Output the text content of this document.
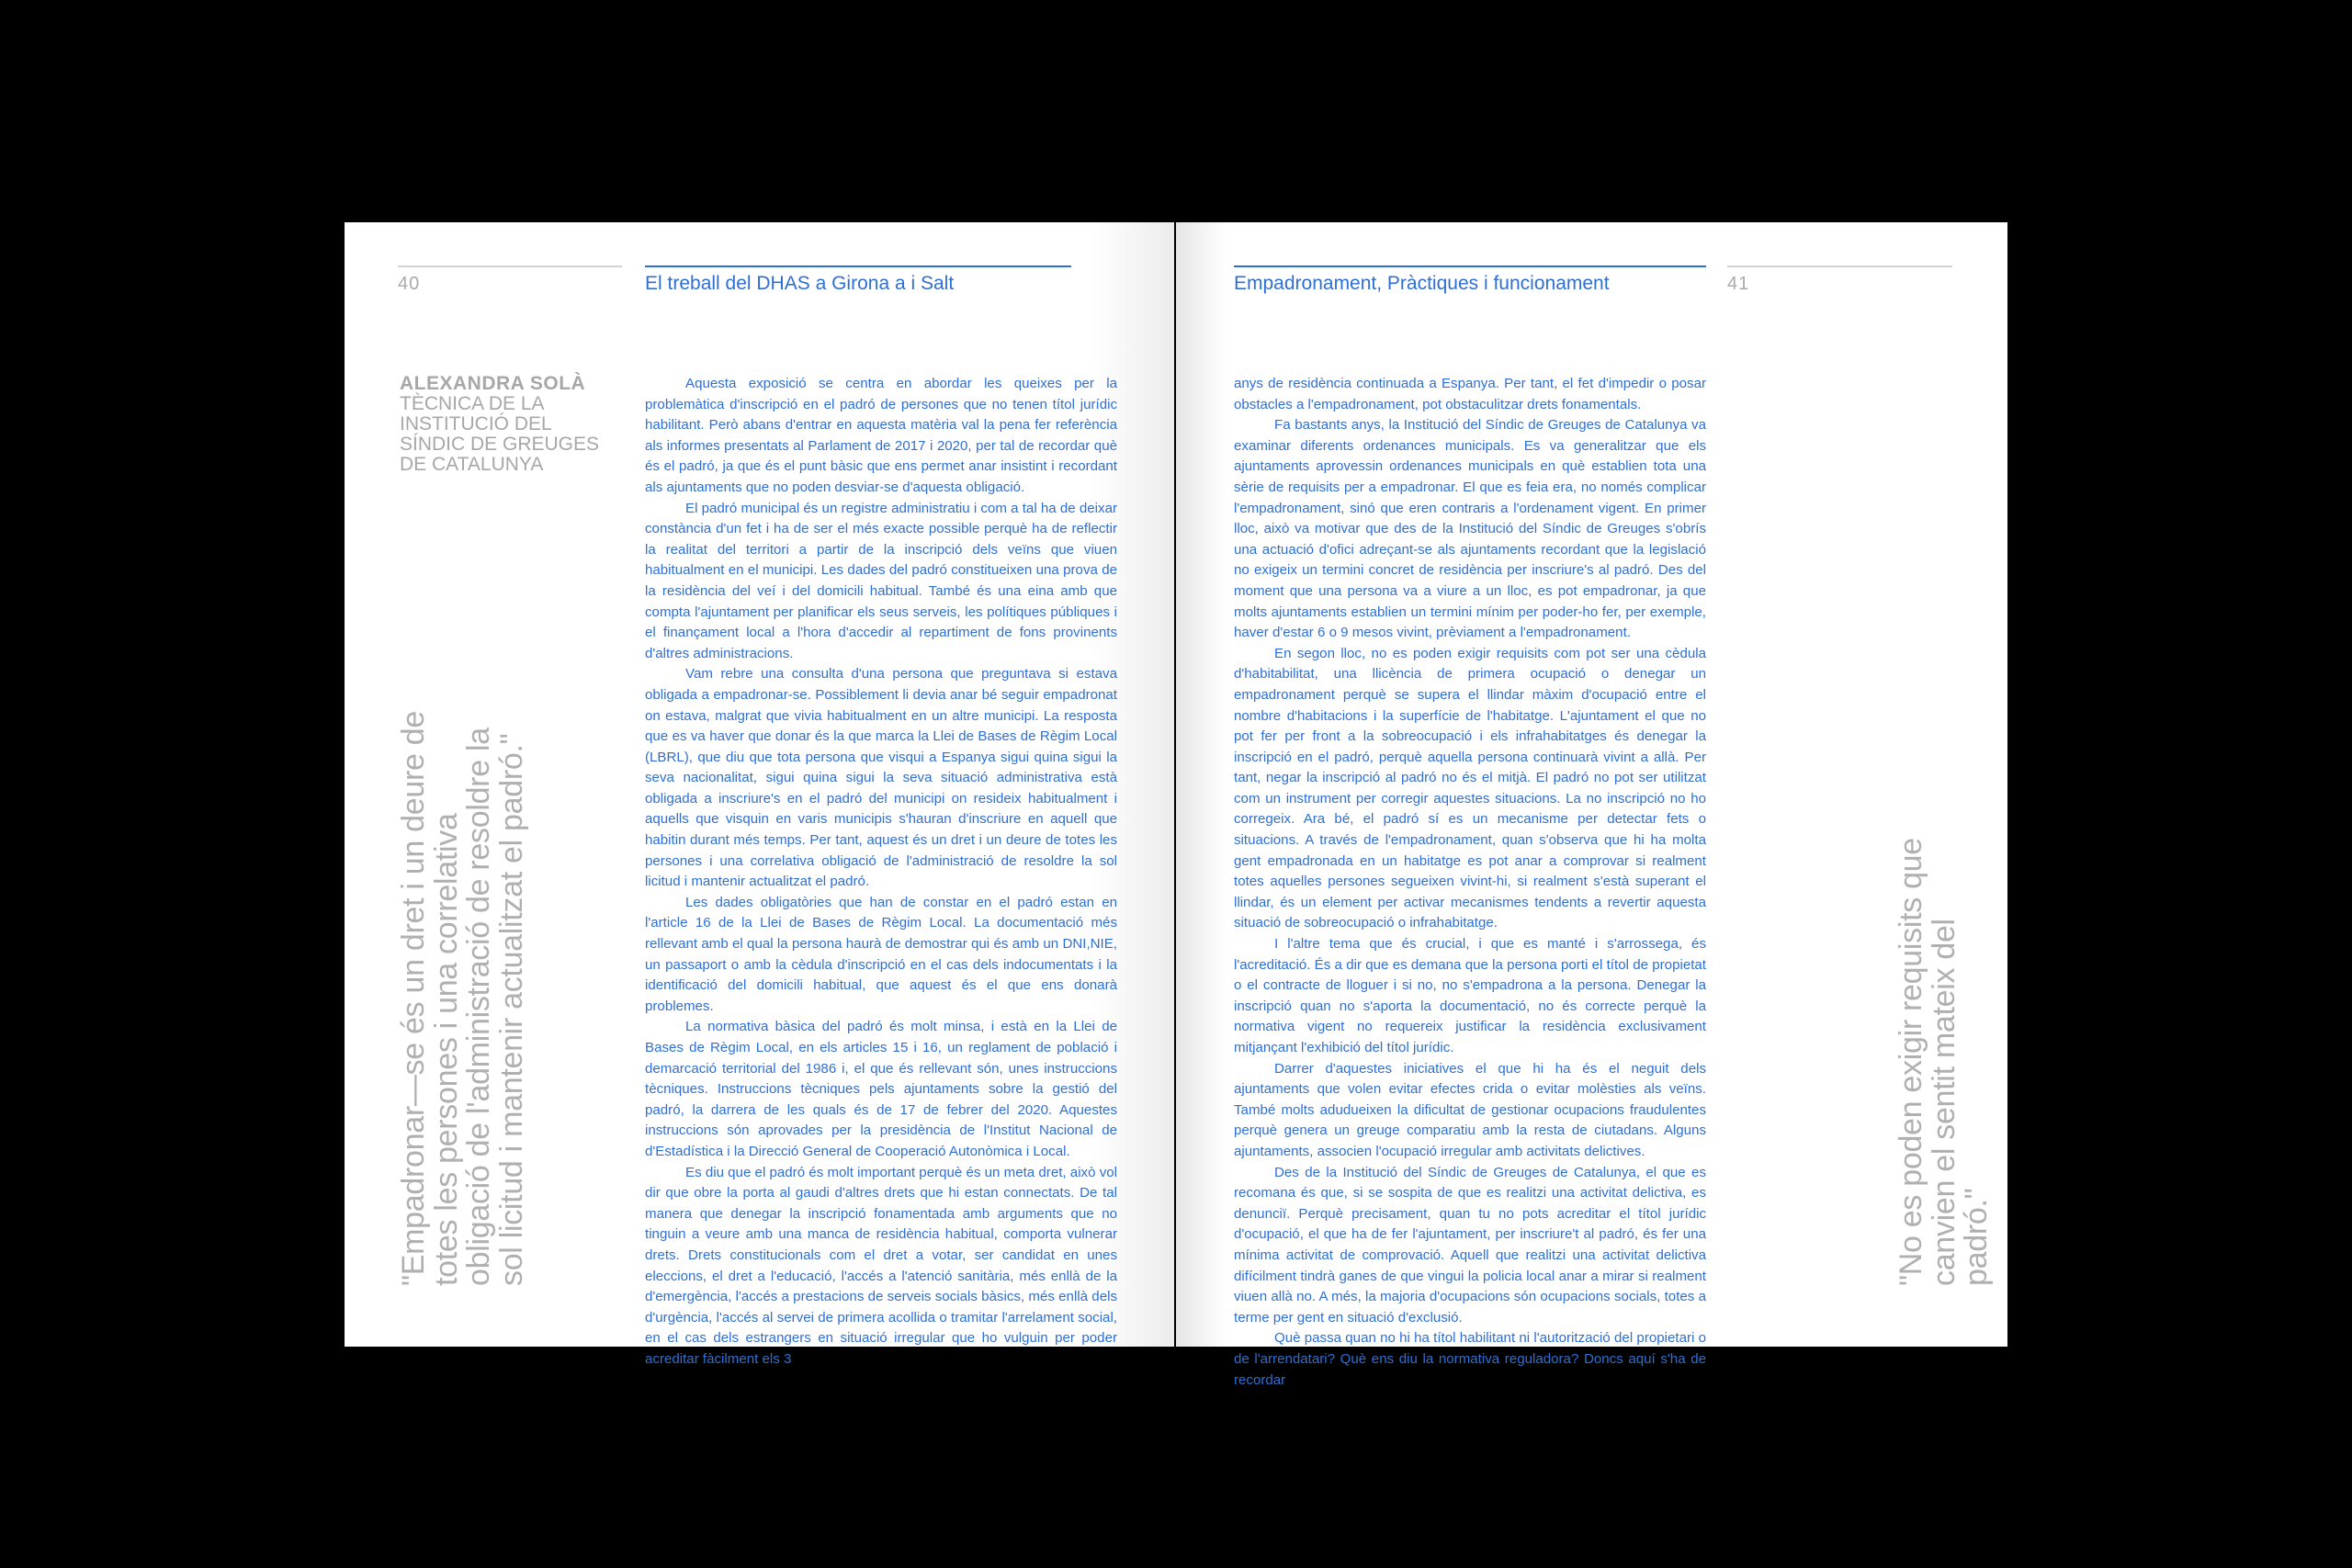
40	El treball del DHAS a Girona a i Salt
ALEXANDRA SOLÀ
TÈCNICA DE LA INSTITUCIÓ DEL SÍNDIC DE GREUGES DE CATALUNYA
"Empadronar—se és un dret i un deure de totes les persones i una correlativa obligació de l'administració de resoldre la sol licitud i mantenir actualitzat el padró."

Aquesta exposició se centra en abordar les queixes per la problemàtica d'inscripció en el padró de persones que no tenen títol jurídic habilitant. Però abans d'entrar en aquesta matèria val la pena fer referència als informes presentats al Parlament de 2017 i 2020, per tal de recordar què és el padró, ja que és el punt bàsic que ens permet anar insistint i recordant als ajuntaments que no poden desviar-se d'aquesta obligació.

El padró municipal és un registre administratiu i com a tal ha de deixar constància d'un fet i ha de ser el més exacte possible perquè ha de reflectir la realitat del territori a partir de la inscripció dels veïns que viuen habitualment en el municipi. Les dades del padró constitueixen una prova de la residència del veí i del domicili habitual. També és una eina amb que compta l'ajuntament per planificar els seus serveis, les polítiques públiques i el finançament local a l'hora d'accedir al repartiment de fons provinents d'altres administracions.

Vam rebre una consulta d'una persona que preguntava si estava obligada a empadronar-se. Possiblement li devia anar bé seguir empadronat on estava, malgrat que vivia habitualment en un altre municipi. La resposta que es va haver que donar és la que marca la Llei de Bases de Règim Local (LBRL), que diu que tota persona que visqui a Espanya sigui quina sigui la seva nacionalitat, sigui quina sigui la seva situació administrativa està obligada a inscriure's en el padró del municipi on resideix habitualment i aquells que visquin en varis municipis s'hauran d'inscriure en aquell que habitin durant més temps. Per tant, aquest és un dret i un deure de totes les persones i una correlativa obligació de l'administració de resoldre la sol licitud i mantenir actualitzat el padró.

Les dades obligatòries que han de constar en el padró estan en l'article 16 de la Llei de Bases de Règim Local. La documentació més rellevant amb el qual la persona haurà de demostrar qui és amb un DNI,NIE, un passaport o amb la cèdula d'inscripció en el cas dels indocumentats i la identificació del domicili habitual, que aquest és el que ens donarà problemes.

La normativa bàsica del padró és molt minsa, i està en la Llei de Bases de Règim Local, en els articles 15 i 16, un reglament de població i demarcació territorial del 1986 i, el que és rellevant són, unes instruccions tècniques. Instruccions tècniques pels ajuntaments sobre la gestió del padró, la darrera de les quals és de 17 de febrer del 2020. Aquestes instruccions són aprovades per la presidència de l'Institut Nacional de d'Estadística i la Direcció General de Cooperació Autonòmica i Local.

Es diu que el padró és molt important perquè és un meta dret, això vol dir que obre la porta al gaudi d'altres drets que hi estan connectats. De tal manera que denegar la inscripció fonamentada amb arguments que no tinguin a veure amb una manca de residència habitual, comporta vulnerar drets. Drets constitucionals com el dret a votar, ser candidat en unes eleccions, el dret a l'educació, l'accés a l'atenció sanitària, més enllà de la d'emergència, l'accés a prestacions de serveis socials bàsics, més enllà dels d'urgència, l'accés al servei de primera acollida o tramitar l'arrelament social, en el cas dels estrangers en situació irregular que ho vulguin per poder acreditar fàcilment els 3

Empadronament, Pràctiques i funcionament	41

anys de residència continuada a Espanya. Per tant, el fet d'impedir o posar obstacles a l'empadronament, pot obstaculitzar drets fonamentals.

Fa bastants anys, la Institució del Síndic de Greuges de Catalunya va examinar diferents ordenances municipals. Es va generalitzar que els ajuntaments aprovessin ordenances municipals en què establien tota una sèrie de requisits per a empadronar. El que es feia era, no només complicar l'empadronament, sinó que eren contraris a l'ordenament vigent. En primer lloc, això va motivar que des de la Institució del Síndic de Greuges s'obrís una actuació d'ofici adreçant-se als ajuntaments recordant que la legislació no exigeix un termini concret de residència per inscriure's al padró. Des del moment que una persona va a viure a un lloc, es pot empadronar, ja que molts ajuntaments establien un termini mínim per poder-ho fer, per exemple, haver d'estar 6 o 9 mesos vivint, prèviament a l'empadronament.

En segon lloc, no es poden exigir requisits com pot ser una cèdula d'habitabilitat, una llicència de primera ocupació o denegar un empadronament perquè se supera el llindar màxim d'ocupació entre el nombre d'habitacions i la superfície de l'habitatge. L'ajuntament el que no pot fer per front a la sobreocupació i els infrahabitatges és denegar la inscripció en el padró, perquè aquella persona continuarà vivint a allà. Per tant, negar la inscripció al padró no és el mitjà. El padró no pot ser utilitzat com un instrument per corregir aquestes situacions. La no inscripció no ho corregeix. Ara bé, el padró sí es un mecanisme per detectar fets o situacions. A través de l'empadronament, quan s'observa que hi ha molta gent empadronada en un habitatge es pot anar a comprovar si realment totes aquelles persones segueixen vivint-hi, si realment s'està superant el llindar, és un element per activar mecanismes tendents a revertir aquesta situació de sobreocupació o infrahabitatge.

I l'altre tema que és crucial, i que es manté i s'arrossega, és l'acreditació. És a dir que es demana que la persona porti el títol de propietat o el contracte de lloguer i si no, no s'empadrona a la persona. Denegar la inscripció quan no s'aporta la documentació, no és correcte perquè la normativa vigent no requereix justificar la residència exclusivament mitjançant l'exhibició del títol jurídic.

Darrer d'aquestes iniciatives el que hi ha és el neguit dels ajuntaments que volen evitar efectes crida o evitar molèsties als veïns. També molts adudueixen la dificultat de gestionar ocupacions fraudulentes perquè genera un greuge comparatiu amb la resta de ciutadans. Alguns ajuntaments, associen l'ocupació irregular amb activitats delictives.

Des de la Institució del Síndic de Greuges de Catalunya, el que es recomana és que, si se sospita de que es realitzi una activitat delictiva, es denunciï. Perquè precisament, quan tu no pots acreditar el títol jurídic d'ocupació, el que ha de fer l'ajuntament, per inscriure't al padró, és fer una mínima activitat de comprovació. Aquell que realitzi una activitat delictiva difícilment tindrà ganes de que vingui la policia local anar a mirar si realment viuen allà no. A més, la majoria d'ocupacions són ocupacions socials, totes a terme per gent en situació d'exclusió.

Què passa quan no hi ha títol habilitant ni l'autorització del propietari o de l'arrendatari? Què ens diu la normativa reguladora? Doncs aquí s'ha de recordar

"No es poden exigir requisits que canvien el sentit mateix del padró."
